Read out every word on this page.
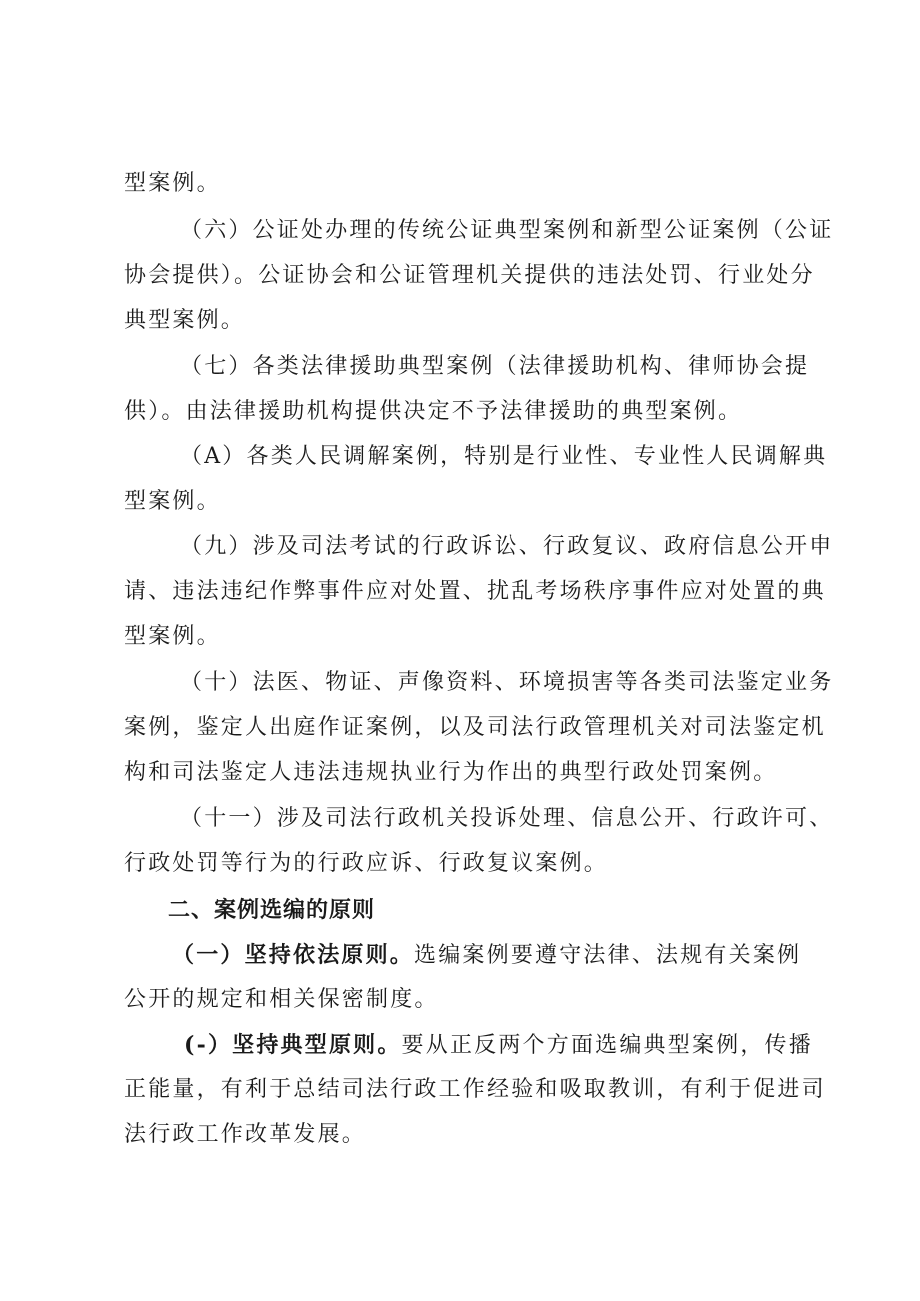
型案例。
（六）公证处办理的传统公证典型案例和新型公证案例（公证
协会提供）。公证协会和公证管理机关提供的违法处罚、行业处分
典型案例。
（七）各类法律援助典型案例（法律援助机构、律师协会提
供）。由法律援助机构提供决定不予法律援助的典型案例。
（A）各类人民调解案例，特别是行业性、专业性人民调解典
型案例。
（九）涉及司法考试的行政诉讼、行政复议、政府信息公开申
请、违法违纪作弊事件应对处置、扰乱考场秩序事件应对处置的典
型案例。
（十）法医、物证、声像资料、环境损害等各类司法鉴定业务
案例，鉴定人出庭作证案例，以及司法行政管理机关对司法鉴定机
构和司法鉴定人违法违规执业行为作出的典型行政处罚案例。
（十一）涉及司法行政机关投诉处理、信息公开、行政许可、
行政处罚等行为的行政应诉、行政复议案例。
二、案例选编的原则
（一）坚持依法原则。选编案例要遵守法律、法规有关案例
公开的规定和相关保密制度。
(-）坚持典型原则。要从正反两个方面选编典型案例，传播
正能量，有利于总结司法行政工作经验和吸取教训，有利于促进司
法行政工作改革发展。
